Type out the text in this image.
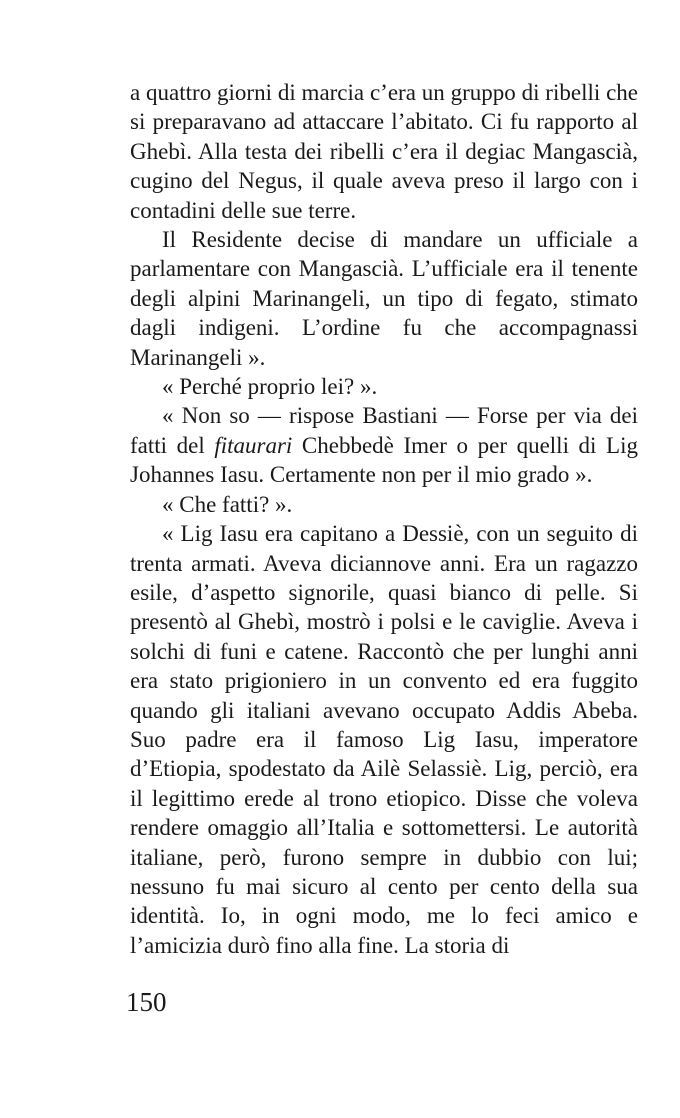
a quattro giorni di marcia c’era un gruppo di ribelli che si preparavano ad attaccare l’abitato. Ci fu rapporto al Ghebì. Alla testa dei ribelli c’era il degiac Mangascià, cugino del Negus, il quale aveva preso il largo con i contadini delle sue terre.

Il Residente decise di mandare un ufficiale a parlamentare con Mangascià. L’ufficiale era il tenente degli alpini Marinangeli, un tipo di fegato, stimato dagli indigeni. L’ordine fu che accompagnassi Marinangeli ».

« Perché proprio lei? ».

« Non so — rispose Bastiani — Forse per via dei fatti del fitaurari Chebbedè Imer o per quelli di Lig Johannes Iasu. Certamente non per il mio grado ».

« Che fatti? ».

« Lig Iasu era capitano a Dessiè, con un seguito di trenta armati. Aveva diciannove anni. Era un ragazzo esile, d’aspetto signorile, quasi bianco di pelle. Si presentò al Ghebì, mostrò i polsi e le caviglie. Aveva i solchi di funi e catene. Raccontò che per lunghi anni era stato prigioniero in un convento ed era fuggito quando gli italiani avevano occupato Addis Abeba. Suo padre era il famoso Lig Iasu, imperatore d’Etiopia, spodestato da Ailè Selassiè. Lig, perciò, era il legittimo erede al trono etiopico. Disse che voleva rendere omaggio all’Italia e sottomettersi. Le autorità italiane, però, furono sempre in dubbio con lui; nessuno fu mai sicuro al cento per cento della sua identità. Io, in ogni modo, me lo feci amico e l’amicizia durò fino alla fine. La storia di

150
